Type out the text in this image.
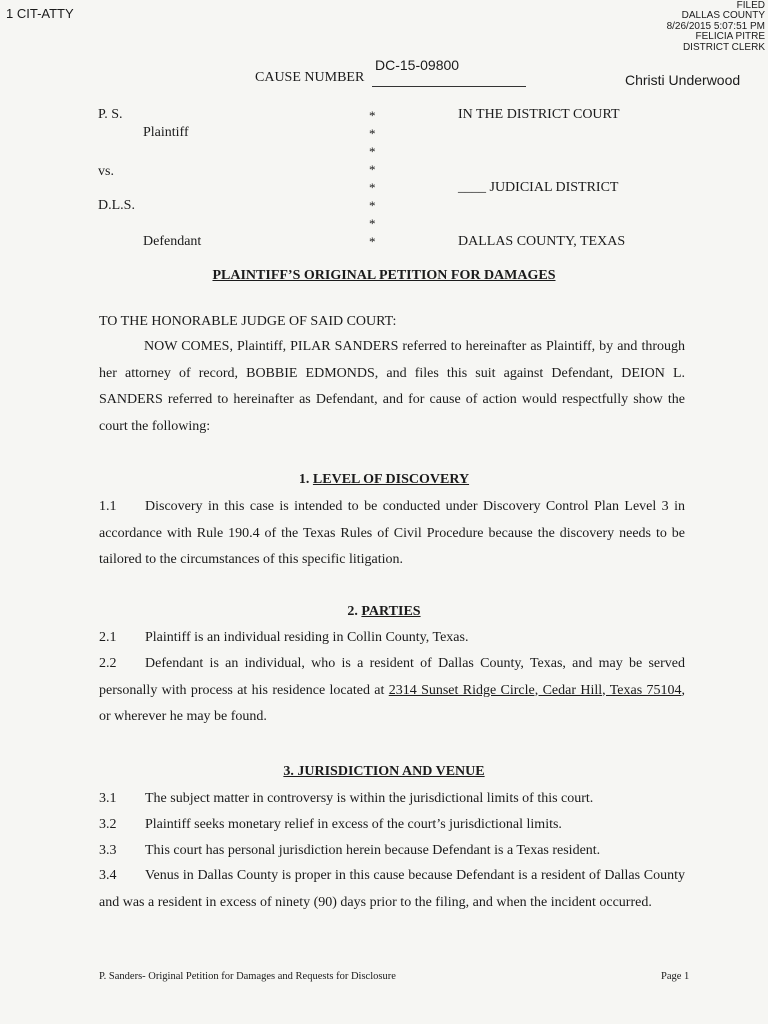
1 CIT-ATTY
FILED
DALLAS COUNTY
8/26/2015 5:07:51 PM
FELICIA PITRE
DISTRICT CLERK
DC-15-09800
Christi Underwood
CAUSE NUMBER
P. S.
Plaintiff
vs.
D.L.S.
Defendant
*
*
*
*
*
*
*
*
IN THE DISTRICT COURT
____ JUDICIAL DISTRICT
DALLAS COUNTY, TEXAS
PLAINTIFF’S ORIGINAL PETITION FOR DAMAGES
TO THE HONORABLE JUDGE OF SAID COURT:
NOW COMES, Plaintiff, PILAR SANDERS referred to hereinafter as Plaintiff, by and through her attorney of record, BOBBIE EDMONDS, and files this suit against Defendant, DEION L. SANDERS referred to hereinafter as Defendant, and for cause of action would respectfully show the court the following:
1. LEVEL OF DISCOVERY
1.1 Discovery in this case is intended to be conducted under Discovery Control Plan Level 3 in accordance with Rule 190.4 of the Texas Rules of Civil Procedure because the discovery needs to be tailored to the circumstances of this specific litigation.
2. PARTIES
2.1 Plaintiff is an individual residing in Collin County, Texas.
2.2 Defendant is an individual, who is a resident of Dallas County, Texas, and may be served personally with process at his residence located at 2314 Sunset Ridge Circle, Cedar Hill, Texas 75104, or wherever he may be found.
3. JURISDICTION AND VENUE
3.1 The subject matter in controversy is within the jurisdictional limits of this court.
3.2 Plaintiff seeks monetary relief in excess of the court’s jurisdictional limits.
3.3 This court has personal jurisdiction herein because Defendant is a Texas resident.
3.4 Venus in Dallas County is proper in this cause because Defendant is a resident of Dallas County and was a resident in excess of ninety (90) days prior to the filing, and when the incident occurred.
P. Sanders- Original Petition for Damages and Requests for Disclosure	Page 1
